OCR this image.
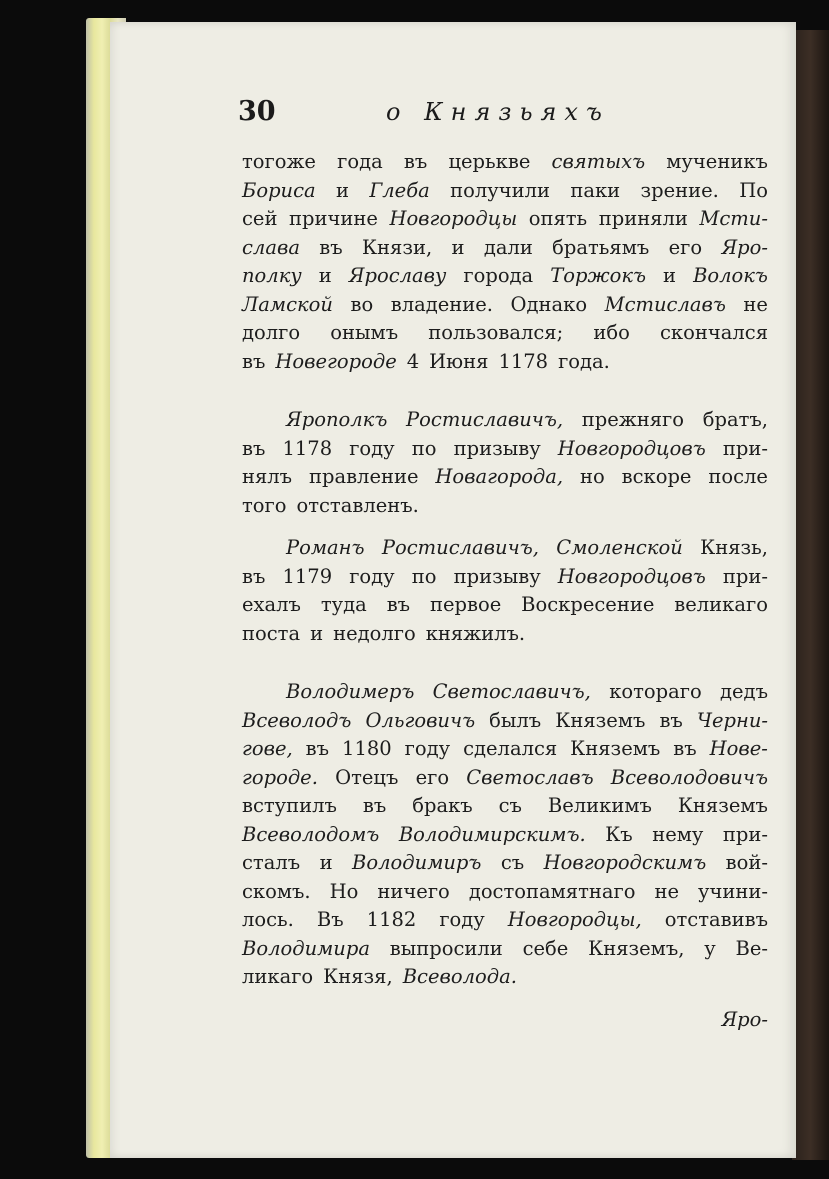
30	о Князьяхъ
тогоже года въ церькве святыхъ мученикъ
Бориса и Глеба получили паки зрение. По
сей причине Новгородцы опять приняли Мсти-
слава въ Князи, и дали братьямъ его Яро-
полку и Ярославу города Торжокъ и Волокъ
Ламской во владение. Однако Мстиславъ не
долго онымъ пользовался; ибо скончался
въ Новегороде 4 Июня 1178 года.
Ярополкъ Ростиславичъ, прежняго братъ,
въ 1178 году по призыву Новгородцовъ при-
нялъ правление Новагорода, но вскоре после
того отставленъ.
Романъ Ростиславичъ, Смоленской Князь,
въ 1179 году по призыву Новгородцовъ при-
ехалъ туда въ первое Воскресение великаго
поста и недолго княжилъ.
Володимеръ Светославичъ, котораго дедъ
Всеволодъ Ольговичъ былъ Княземъ въ Черни-
гове, въ 1180 году сделался Княземъ въ Нове-
городе. Отецъ его Светославъ Всеволодовичъ
вступилъ въ бракъ съ Великимъ Княземъ
Всеволодомъ Володимирскимъ. Къ нему при-
сталъ и Володимиръ съ Новгородскимъ вой-
скомъ. Но ничего достопамятнаго не учини-
лось. Въ 1182 году Новгородцы, отставивъ
Володимира выпросили себе Княземъ, у Ве-
ликаго Князя, Всеволода.
Яро-
